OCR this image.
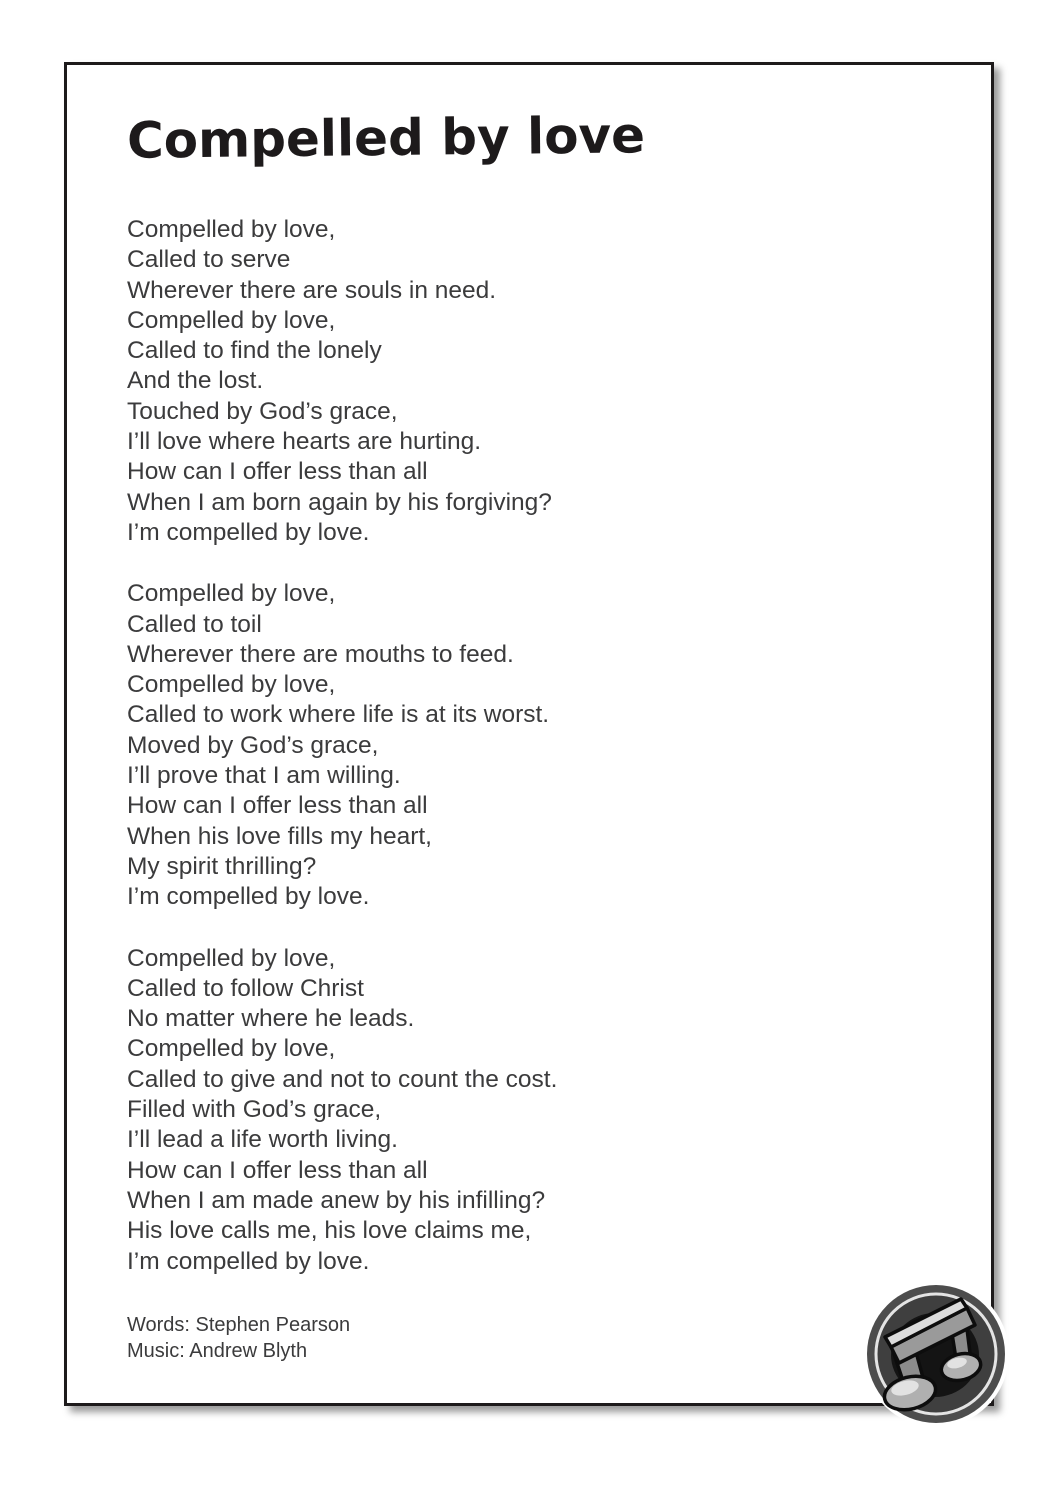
Compelled by love
Compelled by love,
Called to serve
Wherever there are souls in need.
Compelled by love,
Called to find the lonely
And the lost.
Touched by God’s grace,
I’ll love where hearts are hurting.
How can I offer less than all
When I am born again by his forgiving?
I’m compelled by love.
Compelled by love,
Called to toil
Wherever there are mouths to feed.
Compelled by love,
Called to work where life is at its worst.
Moved by God’s grace,
I’ll prove that I am willing.
How can I offer less than all
When his love fills my heart,
My spirit thrilling?
I’m compelled by love.
Compelled by love,
Called to follow Christ
No matter where he leads.
Compelled by love,
Called to give and not to count the cost.
Filled with God’s grace,
I’ll lead a life worth living.
How can I offer less than all
When I am made anew by his infilling?
His love calls me, his love claims me,
I’m compelled by love.
Words: Stephen Pearson
Music: Andrew Blyth
